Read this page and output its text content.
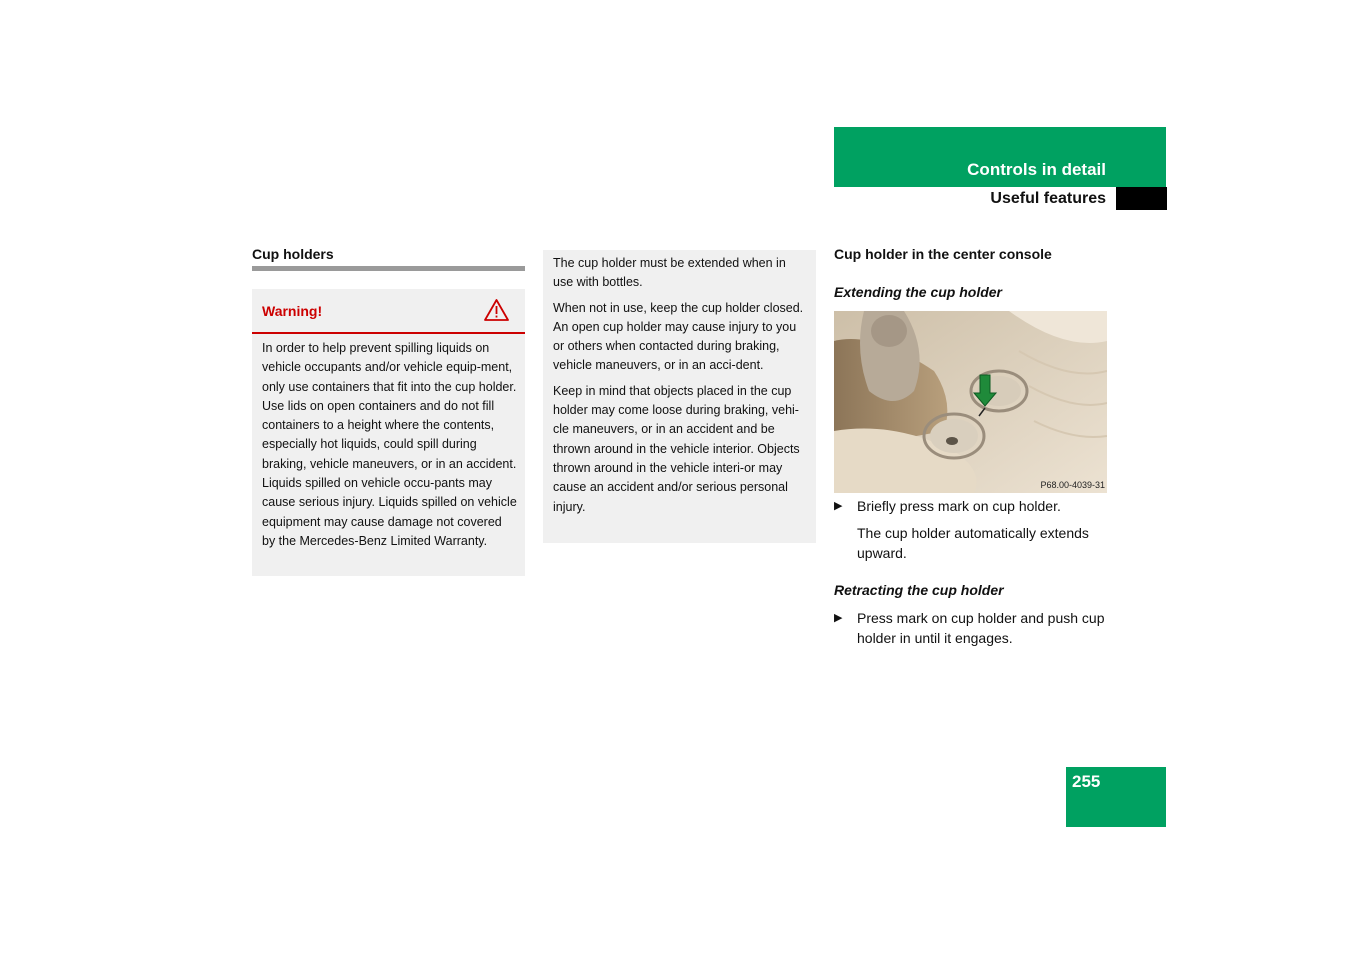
Controls in detail
Useful features
Cup holders
Warning!
In order to help prevent spilling liquids on vehicle occupants and/or vehicle equip-ment, only use containers that fit into the cup holder. Use lids on open containers and do not fill containers to a height where the contents, especially hot liquids, could spill during braking, vehicle maneuvers, or in an accident. Liquids spilled on vehicle occu-pants may cause serious injury. Liquids spilled on vehicle equipment may cause damage not covered by the Mercedes-Benz Limited Warranty.

The cup holder must be extended when in use with bottles.

When not in use, keep the cup holder closed. An open cup holder may cause injury to you or others when contacted during braking, vehicle maneuvers, or in an acci-dent.

Keep in mind that objects placed in the cup holder may come loose during braking, vehi-cle maneuvers, or in an accident and be thrown around in the vehicle interior. Objects thrown around in the vehicle interi-or may cause an accident and/or serious personal injury.

Cup holder in the center console
Extending the cup holder
P68.00-4039-31
▶	Briefly press mark on cup holder.
The cup holder automatically extends upward.
Retracting the cup holder
▶	Press mark on cup holder and push cup holder in until it engages.
255
